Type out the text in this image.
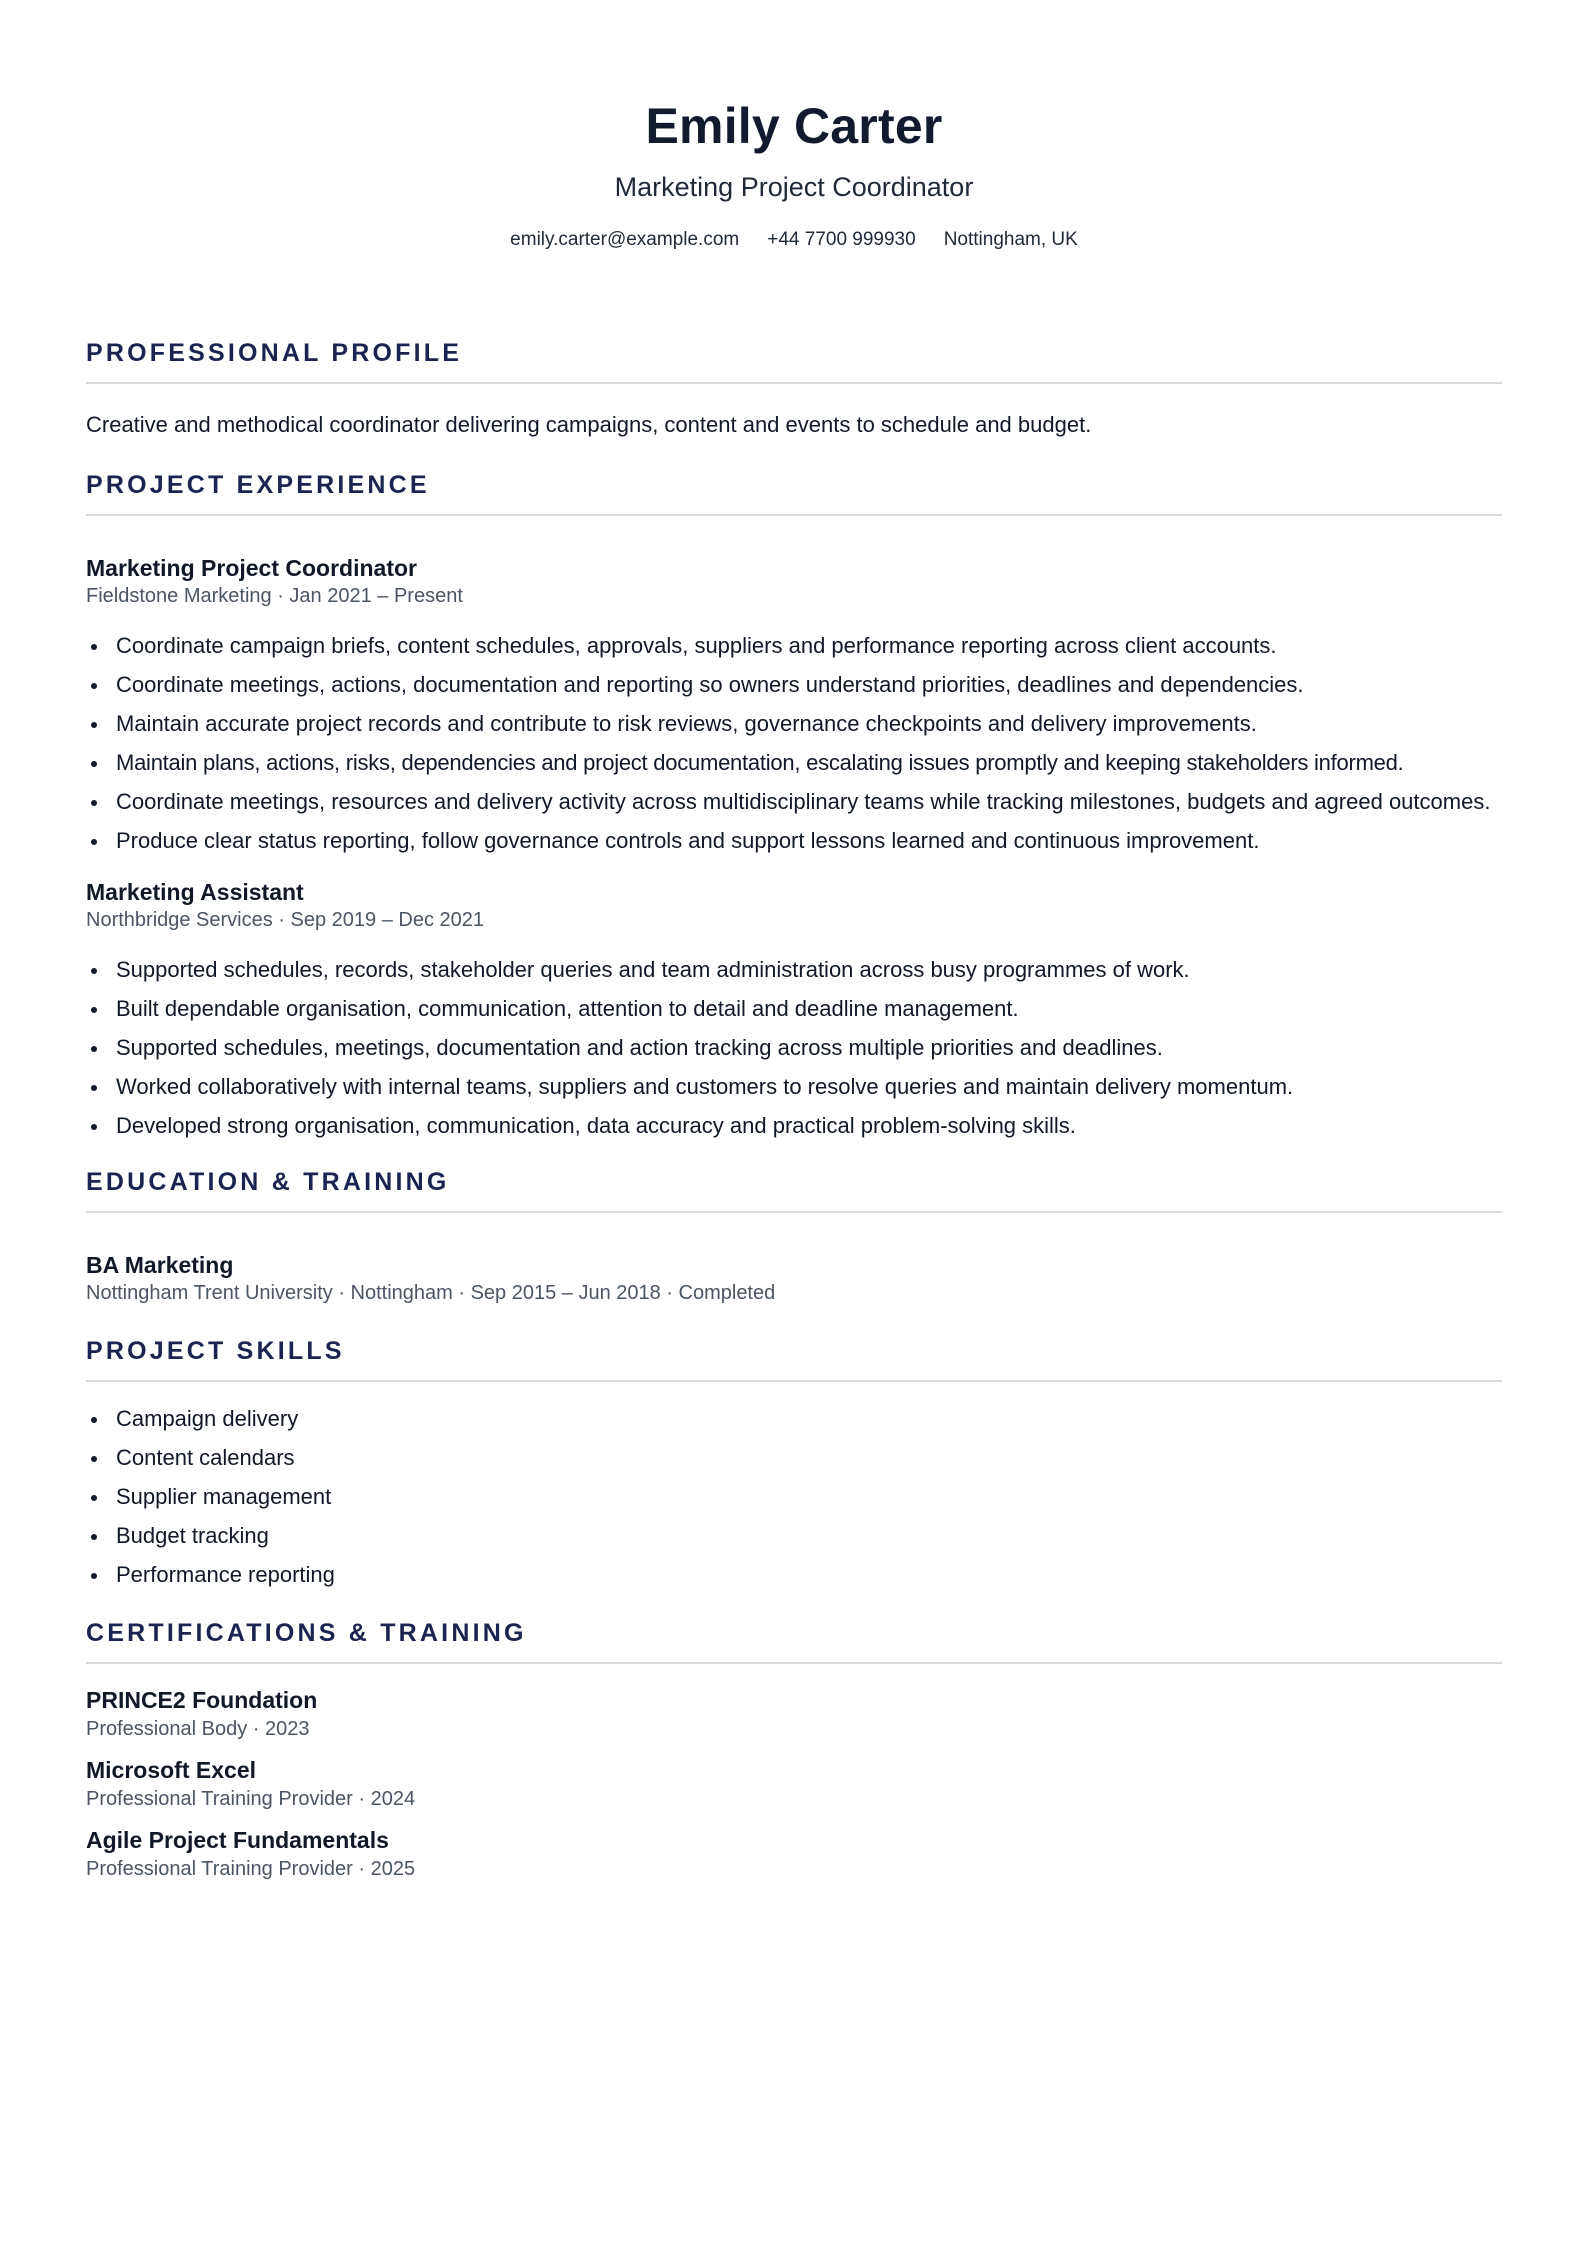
Emily Carter
Marketing Project Coordinator
emily.carter@example.com +44 7700 999930 Nottingham, UK
PROFESSIONAL PROFILE
Creative and methodical coordinator delivering campaigns, content and events to schedule and budget.
PROJECT EXPERIENCE
Marketing Project Coordinator
Fieldstone Marketing · Jan 2021 – Present
Coordinate campaign briefs, content schedules, approvals, suppliers and performance reporting across client accounts.
Coordinate meetings, actions, documentation and reporting so owners understand priorities, deadlines and dependencies.
Maintain accurate project records and contribute to risk reviews, governance checkpoints and delivery improvements.
Maintain plans, actions, risks, dependencies and project documentation, escalating issues promptly and keeping stakeholders informed.
Coordinate meetings, resources and delivery activity across multidisciplinary teams while tracking milestones, budgets and agreed outcomes.
Produce clear status reporting, follow governance controls and support lessons learned and continuous improvement.
Marketing Assistant
Northbridge Services · Sep 2019 – Dec 2021
Supported schedules, records, stakeholder queries and team administration across busy programmes of work.
Built dependable organisation, communication, attention to detail and deadline management.
Supported schedules, meetings, documentation and action tracking across multiple priorities and deadlines.
Worked collaboratively with internal teams, suppliers and customers to resolve queries and maintain delivery momentum.
Developed strong organisation, communication, data accuracy and practical problem-solving skills.
EDUCATION & TRAINING
BA Marketing
Nottingham Trent University · Nottingham · Sep 2015 – Jun 2018 · Completed
PROJECT SKILLS
Campaign delivery
Content calendars
Supplier management
Budget tracking
Performance reporting
CERTIFICATIONS & TRAINING
PRINCE2 Foundation
Professional Body · 2023
Microsoft Excel
Professional Training Provider · 2024
Agile Project Fundamentals
Professional Training Provider · 2025
